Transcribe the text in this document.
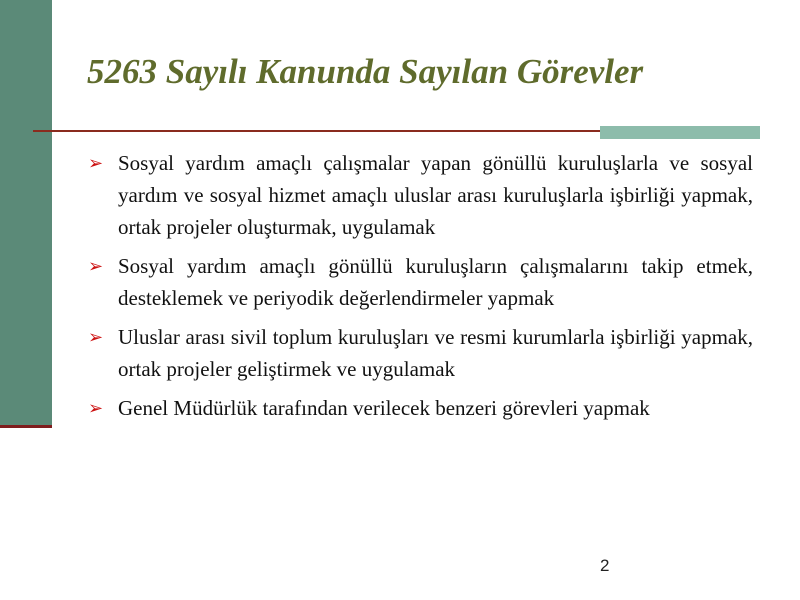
5263 Sayılı Kanunda Sayılan Görevler
➢ Sosyal yardım amaçlı çalışmalar yapan gönüllü kuruluşlarla ve sosyal yardım ve sosyal hizmet amaçlı uluslar arası kuruluşlarla işbirliği yapmak, ortak projeler oluşturmak, uygulamak
➢ Sosyal yardım amaçlı gönüllü kuruluşların çalışmalarını takip etmek, desteklemek ve periyodik değerlendirmeler yapmak
➢ Uluslar arası sivil toplum kuruluşları ve resmi kurumlarla işbirliği yapmak, ortak projeler geliştirmek ve uygulamak
➢ Genel Müdürlük tarafından verilecek benzeri görevleri yapmak
2
